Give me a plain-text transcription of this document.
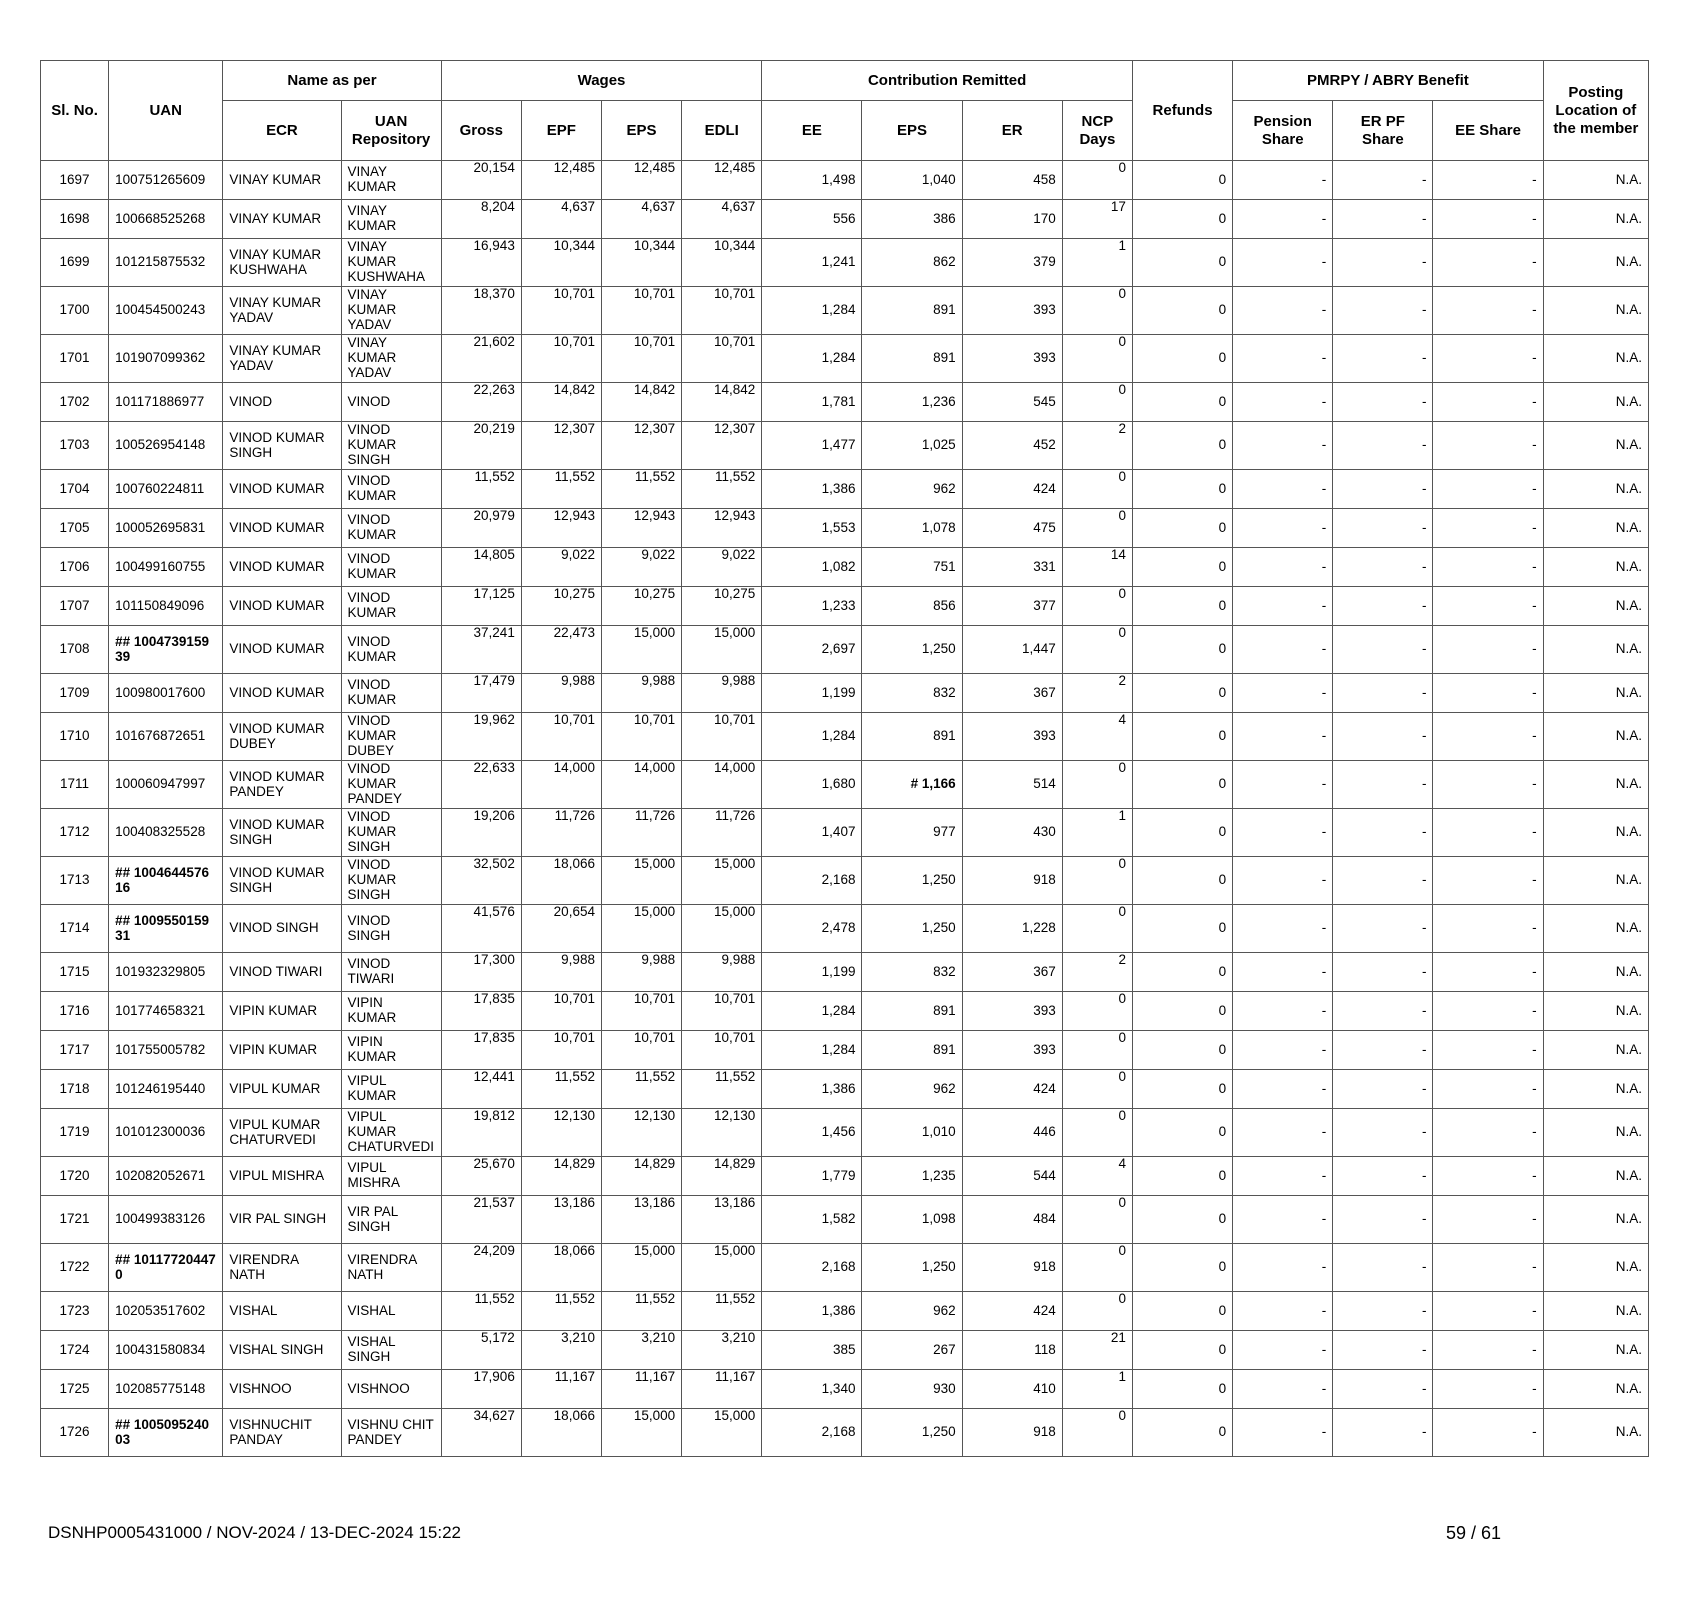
Sl. No.	UAN	Name as per		Wages				Contribution Remitted				Refunds	PMRPY / ABRY Benefit			Posting Location of the member
		ECR	UAN Repository	Gross	EPF	EPS	EDLI	EE	EPS	ER	NCP Days		Pension Share	ER PF Share	EE Share	
1697	100751265609	VINAY KUMAR	VINAY KUMAR	20,154	12,485	12,485	12,485	1,498	1,040	458	0	0	-	-	-	N.A.
1698	100668525268	VINAY KUMAR	VINAY KUMAR	8,204	4,637	4,637	4,637	556	386	170	17	0	-	-	-	N.A.
1699	101215875532	VINAY KUMAR KUSHWAHA	VINAY KUMAR KUSHWAHA	16,943	10,344	10,344	10,344	1,241	862	379	1	0	-	-	-	N.A.
1700	100454500243	VINAY KUMAR YADAV	VINAY KUMAR YADAV	18,370	10,701	10,701	10,701	1,284	891	393	0	0	-	-	-	N.A.
1701	101907099362	VINAY KUMAR YADAV	VINAY KUMAR YADAV	21,602	10,701	10,701	10,701	1,284	891	393	0	0	-	-	-	N.A.
1702	101171886977	VINOD	VINOD	22,263	14,842	14,842	14,842	1,781	1,236	545	0	0	-	-	-	N.A.
1703	100526954148	VINOD KUMAR SINGH	VINOD KUMAR SINGH	20,219	12,307	12,307	12,307	1,477	1,025	452	2	0	-	-	-	N.A.
1704	100760224811	VINOD KUMAR	VINOD KUMAR	11,552	11,552	11,552	11,552	1,386	962	424	0	0	-	-	-	N.A.
1705	100052695831	VINOD KUMAR	VINOD KUMAR	20,979	12,943	12,943	12,943	1,553	1,078	475	0	0	-	-	-	N.A.
1706	100499160755	VINOD KUMAR	VINOD KUMAR	14,805	9,022	9,022	9,022	1,082	751	331	14	0	-	-	-	N.A.
1707	101150849096	VINOD KUMAR	VINOD KUMAR	17,125	10,275	10,275	10,275	1,233	856	377	0	0	-	-	-	N.A.
1708	## 100473915939	VINOD KUMAR	VINOD KUMAR	37,241	22,473	15,000	15,000	2,697	1,250	1,447	0	0	-	-	-	N.A.
1709	100980017600	VINOD KUMAR	VINOD KUMAR	17,479	9,988	9,988	9,988	1,199	832	367	2	0	-	-	-	N.A.
1710	101676872651	VINOD KUMAR DUBEY	VINOD KUMAR DUBEY	19,962	10,701	10,701	10,701	1,284	891	393	4	0	-	-	-	N.A.
1711	100060947997	VINOD KUMAR PANDEY	VINOD KUMAR PANDEY	22,633	14,000	14,000	14,000	1,680	# 1,166	514	0	0	-	-	-	N.A.
1712	100408325528	VINOD KUMAR SINGH	VINOD KUMAR SINGH	19,206	11,726	11,726	11,726	1,407	977	430	1	0	-	-	-	N.A.
1713	## 100464457616	VINOD KUMAR SINGH	VINOD KUMAR SINGH	32,502	18,066	15,000	15,000	2,168	1,250	918	0	0	-	-	-	N.A.
1714	## 100955015931	VINOD SINGH	VINOD SINGH	41,576	20,654	15,000	15,000	2,478	1,250	1,228	0	0	-	-	-	N.A.
1715	101932329805	VINOD TIWARI	VINOD TIWARI	17,300	9,988	9,988	9,988	1,199	832	367	2	0	-	-	-	N.A.
1716	101774658321	VIPIN KUMAR	VIPIN KUMAR	17,835	10,701	10,701	10,701	1,284	891	393	0	0	-	-	-	N.A.
1717	101755005782	VIPIN KUMAR	VIPIN KUMAR	17,835	10,701	10,701	10,701	1,284	891	393	0	0	-	-	-	N.A.
1718	101246195440	VIPUL KUMAR	VIPUL KUMAR	12,441	11,552	11,552	11,552	1,386	962	424	0	0	-	-	-	N.A.
1719	101012300036	VIPUL KUMAR CHATURVEDI	VIPUL KUMAR CHATURVEDI	19,812	12,130	12,130	12,130	1,456	1,010	446	0	0	-	-	-	N.A.
1720	102082052671	VIPUL MISHRA	VIPUL MISHRA	25,670	14,829	14,829	14,829	1,779	1,235	544	4	0	-	-	-	N.A.
1721	100499383126	VIR PAL SINGH	VIR PAL SINGH	21,537	13,186	13,186	13,186	1,582	1,098	484	0	0	-	-	-	N.A.
1722	## 101177204470	VIRENDRA NATH	VIRENDRA NATH	24,209	18,066	15,000	15,000	2,168	1,250	918	0	0	-	-	-	N.A.
1723	102053517602	VISHAL	VISHAL	11,552	11,552	11,552	11,552	1,386	962	424	0	0	-	-	-	N.A.
1724	100431580834	VISHAL SINGH	VISHAL SINGH	5,172	3,210	3,210	3,210	385	267	118	21	0	-	-	-	N.A.
1725	102085775148	VISHNOO	VISHNOO	17,906	11,167	11,167	11,167	1,340	930	410	1	0	-	-	-	N.A.
1726	## 100509524003	VISHNUCHIT PANDAY	VISHNU CHIT PANDEY	34,627	18,066	15,000	15,000	2,168	1,250	918	0	0	-	-	-	N.A.
DSNHP0005431000 / NOV-2024 / 13-DEC-2024 15:22	59 / 61
